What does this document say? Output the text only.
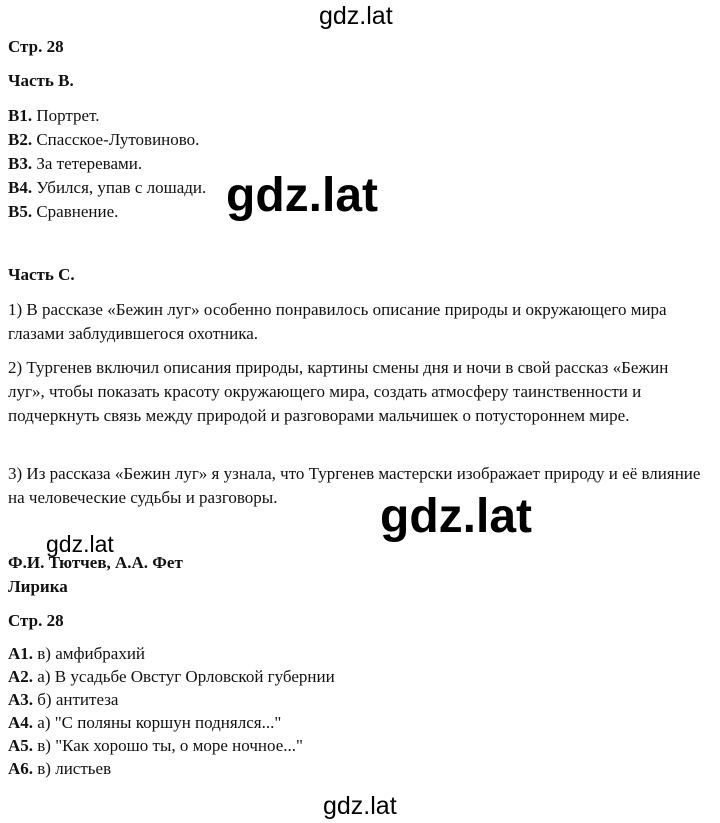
Стр. 28
Часть В.
В1. Портрет.
В2. Спасское-Лутовиново.
В3. За тетеревами.
В4. Убился, упав с лошади.
В5. Сравнение.
Часть С.
1) В рассказе «Бежин луг» особенно понравилось описание природы и окружающего мира глазами заблудившегося охотника.
2) Тургенев включил описания природы, картины смены дня и ночи в свой рассказ «Бежин луг», чтобы показать красоту окружающего мира, создать атмосферу таинственности и подчеркнуть связь между природой и разговорами мальчишек о потустороннем мире.
3) Из рассказа «Бежин луг» я узнала, что Тургенев мастерски изображает природу и её влияние на человеческие судьбы и разговоры.
Ф.И. Тютчев, А.А. Фет
Лирика
Стр. 28
А1. в) амфибрахий
А2. а) В усадьбе Овстуг Орловской губернии
А3. б) антитеза
А4. а) "С поляны коршун поднялся..."
А5. в) "Как хорошо ты, о море ночное..."
А6. в) листьев
gdz.lat
gdz.lat
gdz.lat
gdz.lat
gdz.lat
